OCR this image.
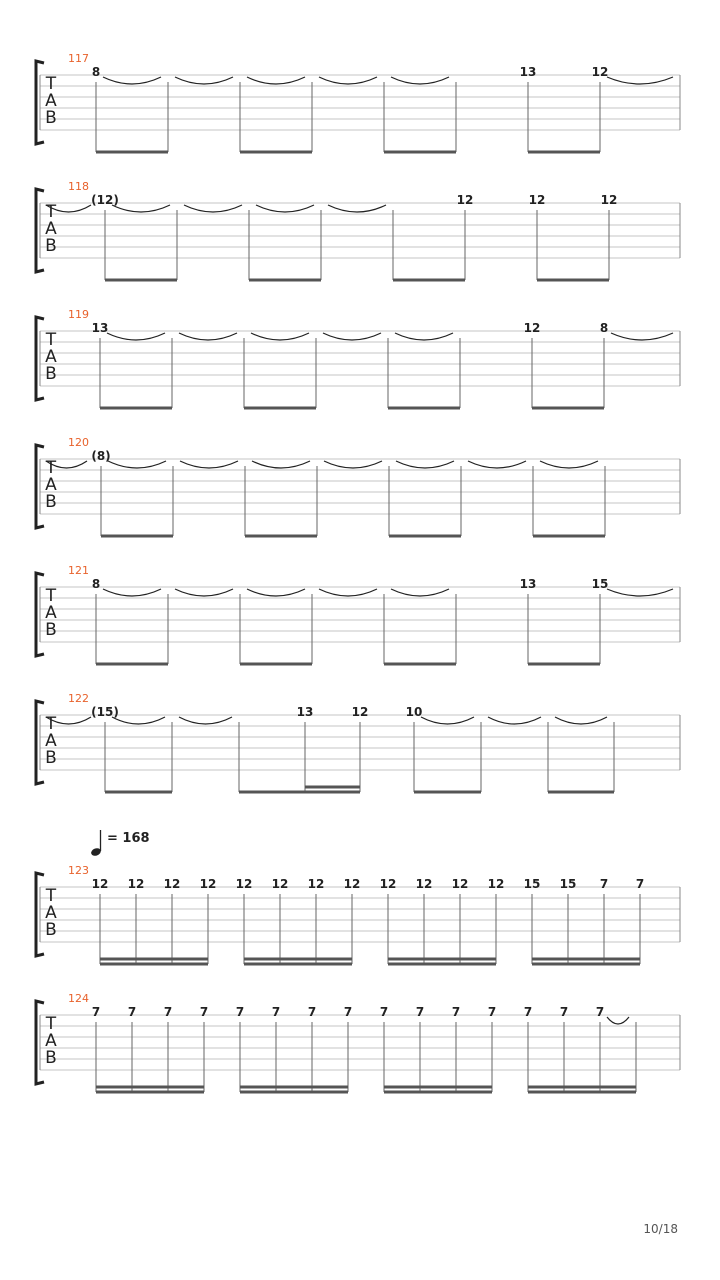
T
A
B
117
8	13	12
T
A
B
118
(12)	12	12	12
T
A
B
119
13	12	8
T
A
B
120
(8)
T
A
B
121
8	13	15
T
A
B
122
(15)	13	12	10
T
A
B
123
= 168
12 12 12 12 12 12 12 12 12 12 12 12 15 15 7 7
T
A
B
124
7 7 7 7 7 7 7 7 7 7 7 7 7 7 7
10/18
